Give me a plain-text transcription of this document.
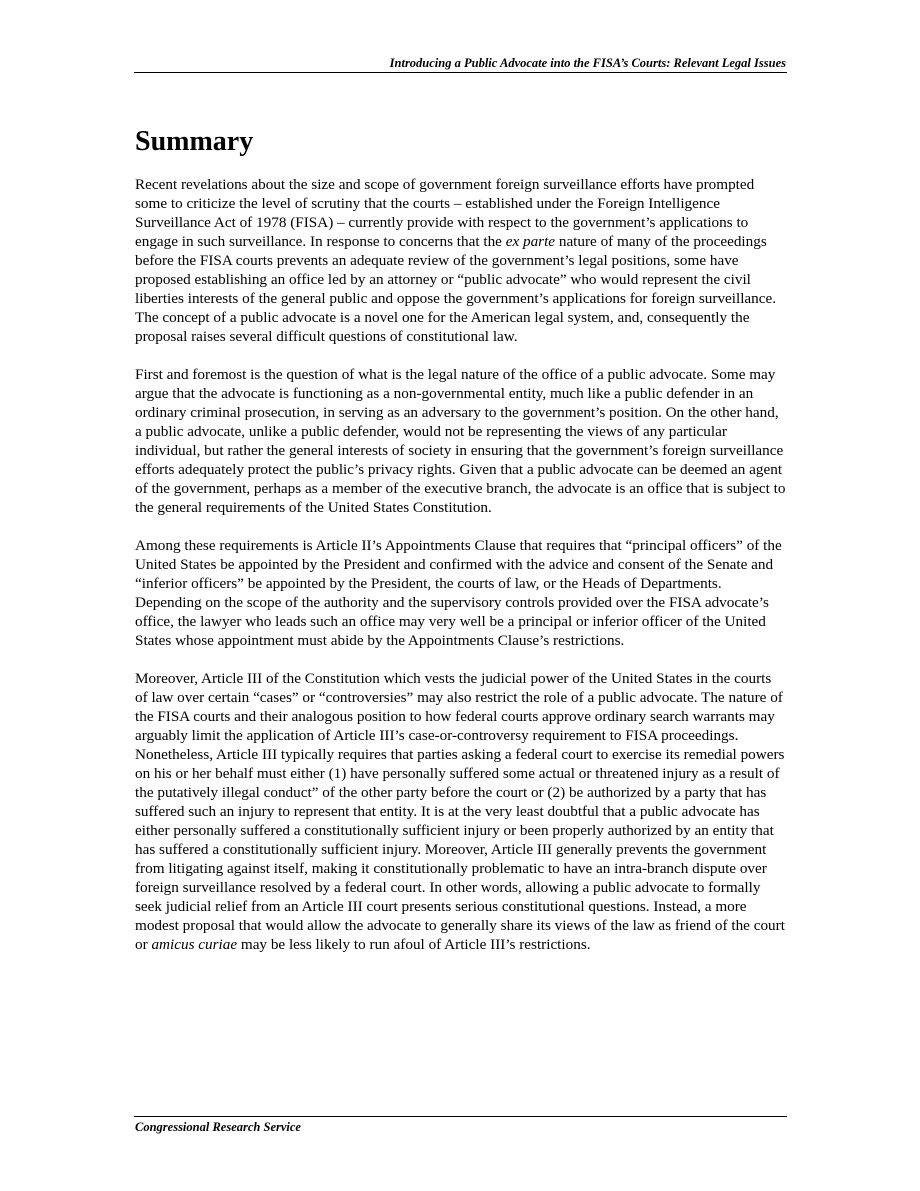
Introducing a Public Advocate into the FISA’s Courts: Relevant Legal Issues
Summary

Recent revelations about the size and scope of government foreign surveillance efforts have prompted some to criticize the level of scrutiny that the courts – established under the Foreign Intelligence Surveillance Act of 1978 (FISA) – currently provide with respect to the government’s applications to engage in such surveillance. In response to concerns that the ex parte nature of many of the proceedings before the FISA courts prevents an adequate review of the government’s legal positions, some have proposed establishing an office led by an attorney or “public advocate” who would represent the civil liberties interests of the general public and oppose the government’s applications for foreign surveillance. The concept of a public advocate is a novel one for the American legal system, and, consequently the proposal raises several difficult questions of constitutional law.

First and foremost is the question of what is the legal nature of the office of a public advocate. Some may argue that the advocate is functioning as a non-governmental entity, much like a public defender in an ordinary criminal prosecution, in serving as an adversary to the government’s position. On the other hand, a public advocate, unlike a public defender, would not be representing the views of any particular individual, but rather the general interests of society in ensuring that the government’s foreign surveillance efforts adequately protect the public’s privacy rights. Given that a public advocate can be deemed an agent of the government, perhaps as a member of the executive branch, the advocate is an office that is subject to the general requirements of the United States Constitution.

Among these requirements is Article II’s Appointments Clause that requires that “principal officers” of the United States be appointed by the President and confirmed with the advice and consent of the Senate and “inferior officers” be appointed by the President, the courts of law, or the Heads of Departments. Depending on the scope of the authority and the supervisory controls provided over the FISA advocate’s office, the lawyer who leads such an office may very well be a principal or inferior officer of the United States whose appointment must abide by the Appointments Clause’s restrictions.

Moreover, Article III of the Constitution which vests the judicial power of the United States in the courts of law over certain “cases” or “controversies” may also restrict the role of a public advocate. The nature of the FISA courts and their analogous position to how federal courts approve ordinary search warrants may arguably limit the application of Article III’s case-or-controversy requirement to FISA proceedings. Nonetheless, Article III typically requires that parties asking a federal court to exercise its remedial powers on his or her behalf must either (1) have personally suffered some actual or threatened injury as a result of the putatively illegal conduct” of the other party before the court or (2) be authorized by a party that has suffered such an injury to represent that entity. It is at the very least doubtful that a public advocate has either personally suffered a constitutionally sufficient injury or been properly authorized by an entity that has suffered a constitutionally sufficient injury. Moreover, Article III generally prevents the government from litigating against itself, making it constitutionally problematic to have an intra-branch dispute over foreign surveillance resolved by a federal court. In other words, allowing a public advocate to formally seek judicial relief from an Article III court presents serious constitutional questions. Instead, a more modest proposal that would allow the advocate to generally share its views of the law as friend of the court or amicus curiae may be less likely to run afoul of Article III’s restrictions.

Congressional Research Service
